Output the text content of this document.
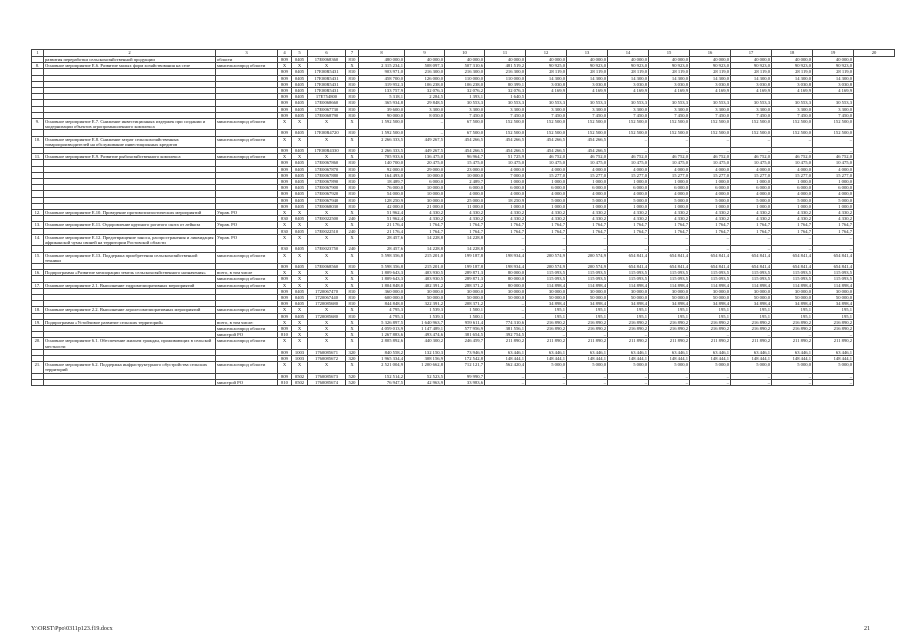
1	2	3	4	5	6	7	8	9	10	11	12	13	14	15	16	17	18	19	20
	развития переработки сельскохозяйственной продукции	области	809	0405	17Е0068360	810	480 000,0	40 000,0	40 000,0	40 000,0	40 000,0	40 000,0	40 000,0	40 000,0	40 000,0	40 000,0	40 000,0	40 000,0	
8.	Основное мероприятие Е.6. Развитие малых форм хозяйствования на селе	минсельхозпрод области	X	X	X	X	2 315 234,1	508 097,3	507 310,6	481 519,2	90 925,0	90 923,0	90 923,0	90 923,0	90 923,0	90 923,0	90 923,0	90 923,0	
			809	0405	17Е00R5431	810	903 971,0	216 300,0	216 300,0	216 300,0	28 119,0	28 119,0	28 119,0	28 119,0	28 119,0	28 119,0	28 119,0	28 119,0	
			809	0405	17Е00R5431	810	458 700,0	126 000,0	110 000,0	110 000,0	14 300,0	14 300,0	14 300,0	14 300,0	14 300,0	14 300,0	14 300,0	14 300,0	
			809	0405	17Е00R5431	810	319 952,3	106 238,0	106 238,0	80 399,1	3 030,8	3 030,8	3 030,8	3 030,8	3 030,8	3 030,8	3 030,8	3 030,8	
			809	0405	17Е00R5431	810	133 757,9	32 076,3	32 076,2	32 076,3	4 169,9	4 169,9	4 169,9	4 169,9	4 169,9	4 169,9	4 169,9	4 169,9	
			809	0405	17Е754800	810	5 318,1	2 284,5	1 393,1	1 640,5									
			809	0405	17Е0068660	810	365 934,8	29 848,5	30 553,3	30 553,3	30 553,3	30 553,3	30 553,3	30 553,3	30 553,3	30 553,3	30 553,3	30 553,3	
			809	0405	17Е0067730	810	39 600,0	3 300,0	3 300,0	3 300,0	3 300,0	3 300,0	3 300,0	3 300,0	3 300,0	3 300,0	3 300,0	3 300,0	
			809	0405	17Е0068790	810	90 000,0	8 050,0	7 450,0	7 450,0	7 450,0	7 450,0	7 450,0	7 450,0	7 450,0	7 450,0	7 450,0	7 450,0	
9.	Основное мероприятие Е.7. Снижение инвестиционных издержек при создании и модернизации объектов агропромышленного комплекса	минсельхозпрод области	X	X	X	X	1 592 500,0	–	67 500,0	152 500,0	152 500,0	152 500,0	152 500,0	152 500,0	152 500,0	152 500,0	152 500,0	152 500,0	
			809	0405	17Е00R4720	810	1 592 500,0	–	67 500,0	152 500,0	152 500,0	152 500,0	152 500,0	152 500,0	152 500,0	152 500,0	152 500,0	152 500,0	
10.	Основное мероприятие Е.8. Снижение затрат сельскохозяйственных товаропроизводителей на обслуживание инвестиционных кредитов	минсельхозпрод области	X	X	X	X	2 266 333,5	449 267,5	454 266,5	454 266,5	454 266,5	454 266,5	–	–	–	–	–	–	
			809	0405	17Е00R4330	810	2 266 333,5	449 267,5	454 266,5	454 266,5	454 266,5	454 266,5	–	–	–	–	–	–	
11.	Основное мероприятие Е.9. Развитие рыбохозяйственного комплекса	минсельхозпрод области	X	X	X	X	705 933,6	136 475,0	96 964,7	51 725,9	46 752,0	46 752,0	46 752,0	46 752,0	46 752,0	46 752,0	46 752,0	46 752,0	
			809	0405	17Е0067860	810	140 700,0	20 475,0	15 475,0	10 475,0	10 475,0	10 475,0	10 475,0	10 475,0	10 475,0	10 475,0	10 475,0	10 475,0	
			809	0405	17Е0067870	810	92 000,0	29 000,0	23 000,0	4 000,0	4 000,0	4 000,0	4 000,0	4 000,0	4 000,0	4 000,0	4 000,0	4 000,0	
			809	0405	17Е0067880	810	164 493,0	10 000,0	10 000,0	7 000,0	15 277,0	15 277,0	15 277,0	15 277,0	15 277,0	15 277,0	15 277,0	15 277,0	
			809	0405	17Е0067890	810	18 489,7	6 000,0	2 489,7	1 000,0	1 000,0	1 000,0	1 000,0	1 000,0	1 000,0	1 000,0	1 000,0	1 000,0	
			809	0405	17Е0067900	810	76 000,0	10 000,0	6 000,0	6 000,0	6 000,0	6 000,0	6 000,0	6 000,0	6 000,0	6 000,0	6 000,0	6 000,0	
			809	0405	17Е0067920	810	54 000,0	10 000,0	4 000,0	4 000,0	4 000,0	4 000,0	4 000,0	4 000,0	4 000,0	4 000,0	4 000,0	4 000,0	
			809	0405	17Е0067940	810	128 250,9	30 000,0	25 000,0	18 250,9	5 000,0	5 000,0	5 000,0	5 000,0	5 000,0	5 000,0	5 000,0	5 000,0	
			809	0405	17Е0068030	810	42 000,0	21 000,0	11 000,0	1 000,0	1 000,0	1 000,0	1 000,0	1 000,0	1 000,0	1 000,0	1 000,0	1 000,0	
12.	Основное мероприятие Е.10. Проведение противоэпизоотических мероприятий	Управ. РО	X	X	X	X	51 962,4	4 330,2	4 330,2	4 330,2	4 330,2	4 330,2	4 330,2	4 330,2	4 330,2	4 330,2	4 330,2	4 330,2	
			830	0405	17Е0022500	240	51 962,4	4 330,2	4 330,2	4 330,2	4 330,2	4 330,2	4 330,2	4 330,2	4 330,2	4 330,2	4 330,2	4 330,2	
13.	Основное мероприятие Е.11. Оздоровление крупного рогатого скота от лейкоза	Управ. РО	X	X	X	X	21 176,4	1 764,7	1 764,7	1 764,7	1 764,7	1 764,7	1 764,7	1 764,7	1 764,7	1 764,7	1 764,7	1 764,7	
			830	0405	17Е0022510	240	21 176,4	1 764,7	1 764,7	1 764,7	1 764,7	1 764,7	1 764,7	1 764,7	1 764,7	1 764,7	1 764,7	1 764,7	
14.	Основное мероприятие Е.12. Предотвращение заноса, распространения и ликвидация африканской чумы свиней на территории Ростовской области	Управ. РО	X	X	X	X	28 457,6	14 228,8	14 228,8	–	–	–	–	–	–	–	–	–	
			830	0405	17Е0023750	240	28 457,6	14 228,8	14 228,8	–	–	–	–	–	–	–	–	–	
15.	Основное мероприятие Е.13. Поддержка приобретения сельскохозяйственной техники	минсельхозпрод области	X	X	X	X	5 598 356,8	215 201,0	199 187,8	198 934,4	200 574,9	200 574,9	654 841,4	654 841,4	654 841,4	654 841,4	654 841,4	654 841,4	
			809	0405	17Е0068560	810	5 598 356,8	215 201,0	199 187,8	198 934,4	200 574,9	200 574,9	654 841,4	654 841,4	654 841,4	654 841,4	654 841,4	654 841,4	
16.	Подпрограмма «Развитие мелиорации земель сельскохозяйственного назначения»	всего, в том числе	X	X	X	X	1 809 643,3	403 930,5	289 871,3	80 000,0	115 093,5	115 093,5	115 093,5	115 093,5	115 093,5	115 093,5	115 093,5	115 093,5	
		минсельхозпрод области	809	X	X	X	1 809 643,3	403 930,5	289 871,3	80 000,0	115 093,5	115 093,5	115 093,5	115 093,5	115 093,5	115 093,5	115 093,5	115 093,5	
17.	Основное мероприятие 2.1. Выполнение гидромелиоративных мероприятий	минсельхозпрод области	X	X	X	X	1 804 848,0	402 391,2	288 371,2	80 000,0	114 898,4	114 898,4	114 898,4	114 898,4	114 898,4	114 898,4	114 898,4	114 898,4	
			809	0405	1720067470	810	360 000,0	30 000,0	30 000,0	30 000,0	30 000,0	30 000,0	30 000,0	30 000,0	30 000,0	30 000,0	30 000,0	30 000,0	
			809	0405	1720067440	810	600 000,0	50 000,0	50 000,0	50 000,0	50 000,0	50 000,0	50 000,0	50 000,0	50 000,0	50 000,0	50 000,0	50 000,0	
			809	0405	1720085680	810	844 848,0	322 391,2	208 371,2	–	34 898,4	34 898,4	34 898,4	34 898,4	34 898,4	34 898,4	34 898,4	34 898,4	
18.	Основное мероприятие 2.2. Выполнение агролесомелиоративных мероприятий	минсельхозпрод области	X	X	X	X	4 795,3	1 539,3	1 500,1	–	195,1	195,1	195,1	195,1	195,1	195,1	195,1	195,1	
			809	0405	1720085680	810	4 795,3	1 539,3	1 500,1	–	195,1	195,1	195,1	195,1	195,1	195,1	195,1	195,1	
19.	Подпрограмма «Устойчивое развитие сельских территорий»	всего, в том числе:	X	X	X	X	5 326 897,5	1 640 963,7	959 611,4	774 310,6	216 890,2	216 890,2	216 890,2	216 890,2	216 890,2	216 890,2	216 890,2	216 890,2	
		минсельхозпрод области	809	X	X	X	4 059 013,9	1 147 489,1	577 956,9	381 556,1	216 890,2	216 890,2	216 890,2	216 890,2	216 890,2	216 890,2	216 890,2	216 890,2	
		минстрой РО	810	X	X	X	1 267 883,6	493 474,6	381 654,5	392 754,5	–	–	–	–	–	–	–	–	
20.	Основное мероприятие 6.1. Обеспечение жильем граждан, проживающих в сельской местности	минсельхозпрод области	X	X	X	X	2 805 892,6	440 300,2	246 459,7	211 890,2	211 890,2	211 890,2	211 890,2	211 890,2	211 890,2	211 890,2	211 890,2	211 890,2	
			809	1003	1760085671	320	840 558,2	132 150,3	73 946,9	63 446,1	63 446,1	63 446,1	63 446,1	63 446,1	63 446,1	63 446,1	63 446,1	63 446,1	
			809	1003	1760085672	320	1 965 334,4	308 156,9	172 542,8	148 444,1	148 444,1	148 444,1	148 444,1	148 444,1	148 444,1	148 444,1	148 444,1	148 444,1	
21.	Основное мероприятие 6.2. Поддержка инфраструктурного обустройства сельских территорий	минсельхозпрод области	X	X	X	X	2 521 004,9	1 200 662,8	712 121,7	562 420,4	5 000,0	5 000,0	5 000,0	5 000,0	5 000,0	5 000,0	5 000,0	5 000,0	
			809	0502	1760085673	520	152 514,2	52 523,5	99 990,7	–	–	–	–	–	–	–	–	–	
		минстрой РО	810	0502	1760085674	520	76 947,5	42 963,9	33 983,6	–	–	–	–	–	–	–	–	–	
Y:\ORST\Ppo\0311p123.f19.docx	21
